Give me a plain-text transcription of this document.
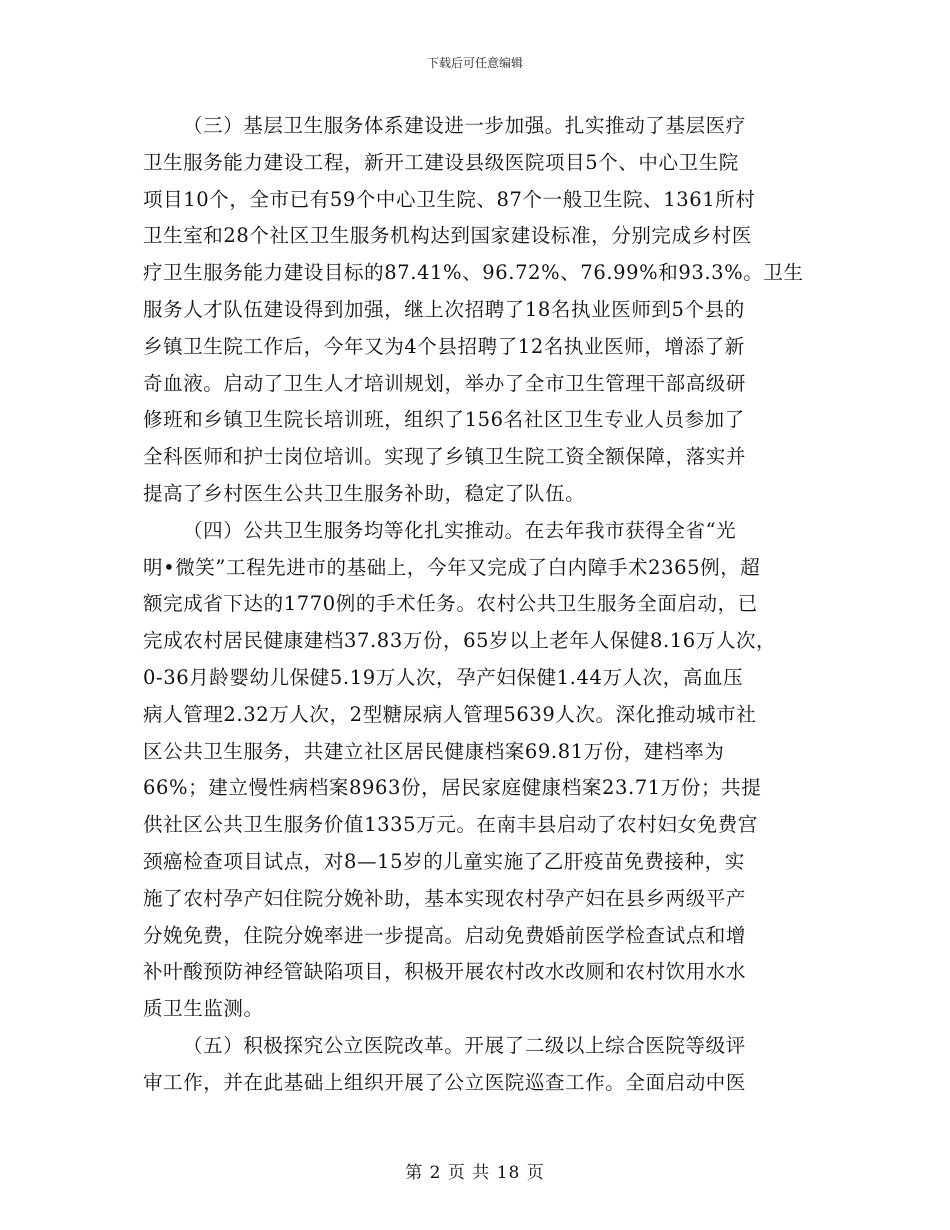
下载后可任意编辑
（三）基层卫生服务体系建设进一步加强。扎实推动了基层医疗
卫生服务能力建设工程，新开工建设县级医院项目5个、中心卫生院
项目10个，全市已有59个中心卫生院、87个一般卫生院、1361所村
卫生室和28个社区卫生服务机构达到国家建设标准，分别完成乡村医
疗卫生服务能力建设目标的87.41%、96.72%、76.99%和93.3%。卫生
服务人才队伍建设得到加强，继上次招聘了18名执业医师到5个县的
乡镇卫生院工作后，今年又为4个县招聘了12名执业医师，增添了新
奇血液。启动了卫生人才培训规划，举办了全市卫生管理干部高级研
修班和乡镇卫生院长培训班，组织了156名社区卫生专业人员参加了
全科医师和护士岗位培训。实现了乡镇卫生院工资全额保障，落实并
提高了乡村医生公共卫生服务补助，稳定了队伍。
（四）公共卫生服务均等化扎实推动。在去年我市获得全省“光
明•微笑”工程先进市的基础上，今年又完成了白内障手术2365例，超
额完成省下达的1770例的手术任务。农村公共卫生服务全面启动，已
完成农村居民健康建档37.83万份，65岁以上老年人保健8.16万人次，
0-36月龄婴幼儿保健5.19万人次，孕产妇保健1.44万人次，高血压
病人管理2.32万人次，2型糖尿病人管理5639人次。深化推动城市社
区公共卫生服务，共建立社区居民健康档案69.81万份，建档率为
66%；建立慢性病档案8963份，居民家庭健康档案23.71万份；共提
供社区公共卫生服务价值1335万元。在南丰县启动了农村妇女免费宫
颈癌检查项目试点，对8—15岁的儿童实施了乙肝疫苗免费接种，实
施了农村孕产妇住院分娩补助，基本实现农村孕产妇在县乡两级平产
分娩免费，住院分娩率进一步提高。启动免费婚前医学检查试点和增
补叶酸预防神经管缺陷项目，积极开展农村改水改厕和农村饮用水水
质卫生监测。
（五）积极探究公立医院改革。开展了二级以上综合医院等级评
审工作，并在此基础上组织开展了公立医院巡查工作。全面启动中医
第 2 页 共 18 页
